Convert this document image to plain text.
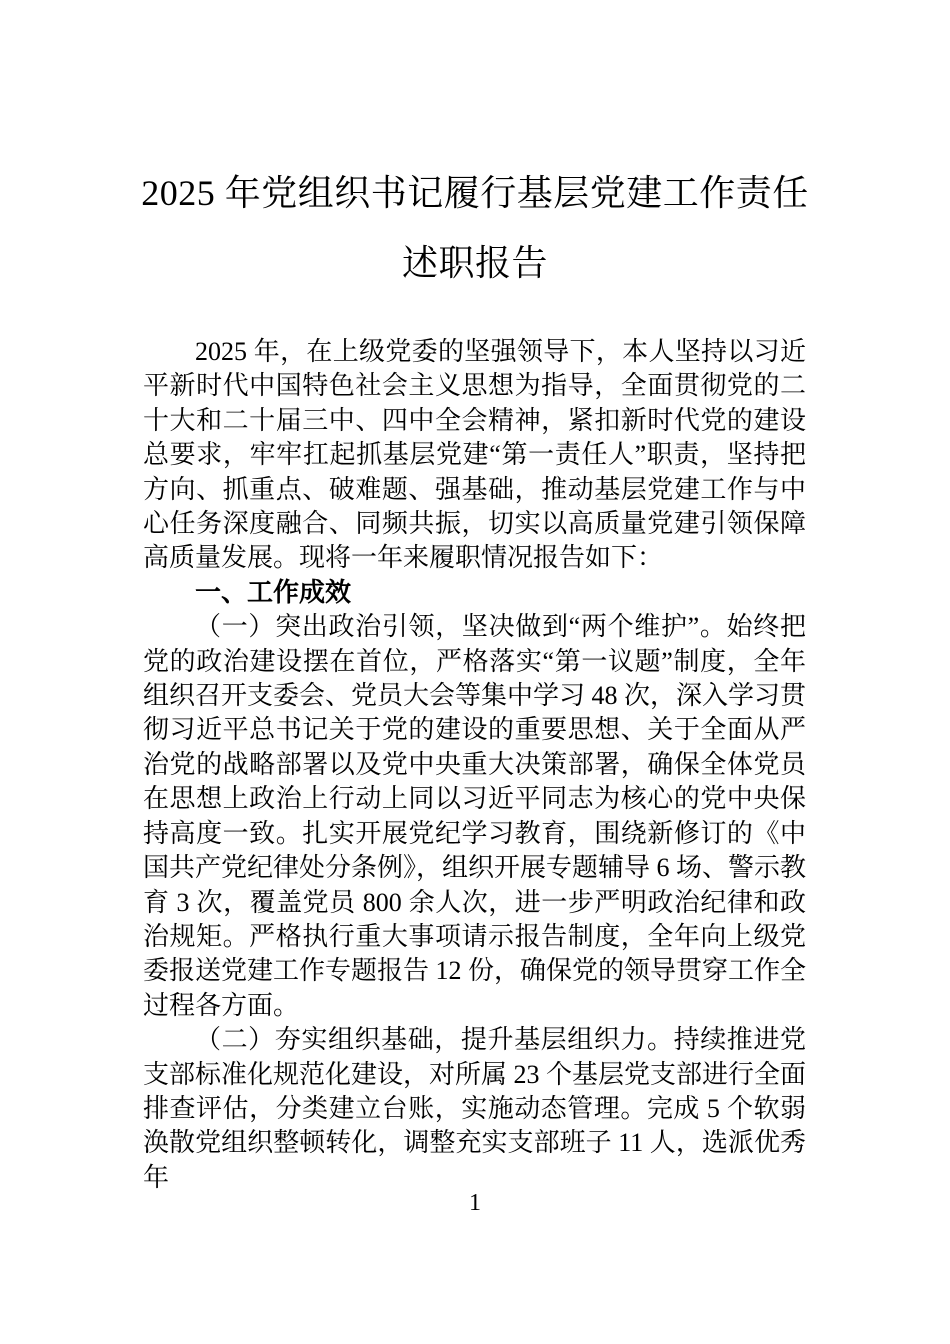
2025 年党组织书记履行基层党建工作责任
述职报告

2025 年，在上级党委的坚强领导下，本人坚持以习近平新时代中国特色社会主义思想为指导，全面贯彻党的二十大和二十届三中、四中全会精神，紧扣新时代党的建设总要求，牢牢扛起抓基层党建“第一责任人”职责，坚持把方向、抓重点、破难题、强基础，推动基层党建工作与中心任务深度融合、同频共振，切实以高质量党建引领保障高质量发展。现将一年来履职情况报告如下：

一、工作成效

（一）突出政治引领，坚决做到“两个维护”。始终把党的政治建设摆在首位，严格落实“第一议题”制度，全年组织召开支委会、党员大会等集中学习 48 次，深入学习贯彻习近平总书记关于党的建设的重要思想、关于全面从严治党的战略部署以及党中央重大决策部署，确保全体党员在思想上政治上行动上同以习近平同志为核心的党中央保持高度一致。扎实开展党纪学习教育，围绕新修订的《中国共产党纪律处分条例》，组织开展专题辅导 6 场、警示教育 3 次，覆盖党员 800 余人次，进一步严明政治纪律和政治规矩。严格执行重大事项请示报告制度，全年向上级党委报送党建工作专题报告 12 份，确保党的领导贯穿工作全过程各方面。

（二）夯实组织基础，提升基层组织力。持续推进党支部标准化规范化建设，对所属 23 个基层党支部进行全面排查评估，分类建立台账，实施动态管理。完成 5 个软弱涣散党组织整顿转化，调整充实支部班子 11 人，选派优秀年

1
